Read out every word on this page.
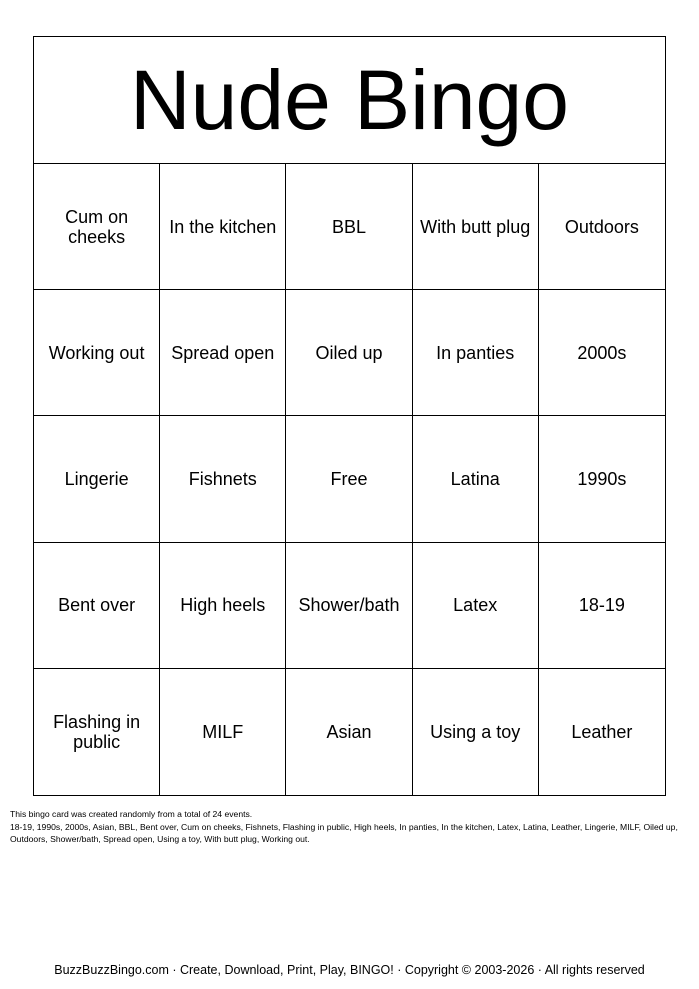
Nude Bingo
Cum on cheeks	In the kitchen	BBL	With butt plug	Outdoors
Working out	Spread open	Oiled up	In panties	2000s
Lingerie	Fishnets	Free	Latina	1990s
Bent over	High heels	Shower/bath	Latex	18-19
Flashing in public	MILF	Asian	Using a toy	Leather
This bingo card was created randomly from a total of 24 events.
18-19, 1990s, 2000s, Asian, BBL, Bent over, Cum on cheeks, Fishnets, Flashing in public, High heels, In panties, In the kitchen, Latex, Latina, Leather, Lingerie, MILF, Oiled up, Outdoors, Shower/bath, Spread open, Using a toy, With butt plug, Working out.
BuzzBuzzBingo.com · Create, Download, Print, Play, BINGO! · Copyright © 2003-2026 · All rights reserved
